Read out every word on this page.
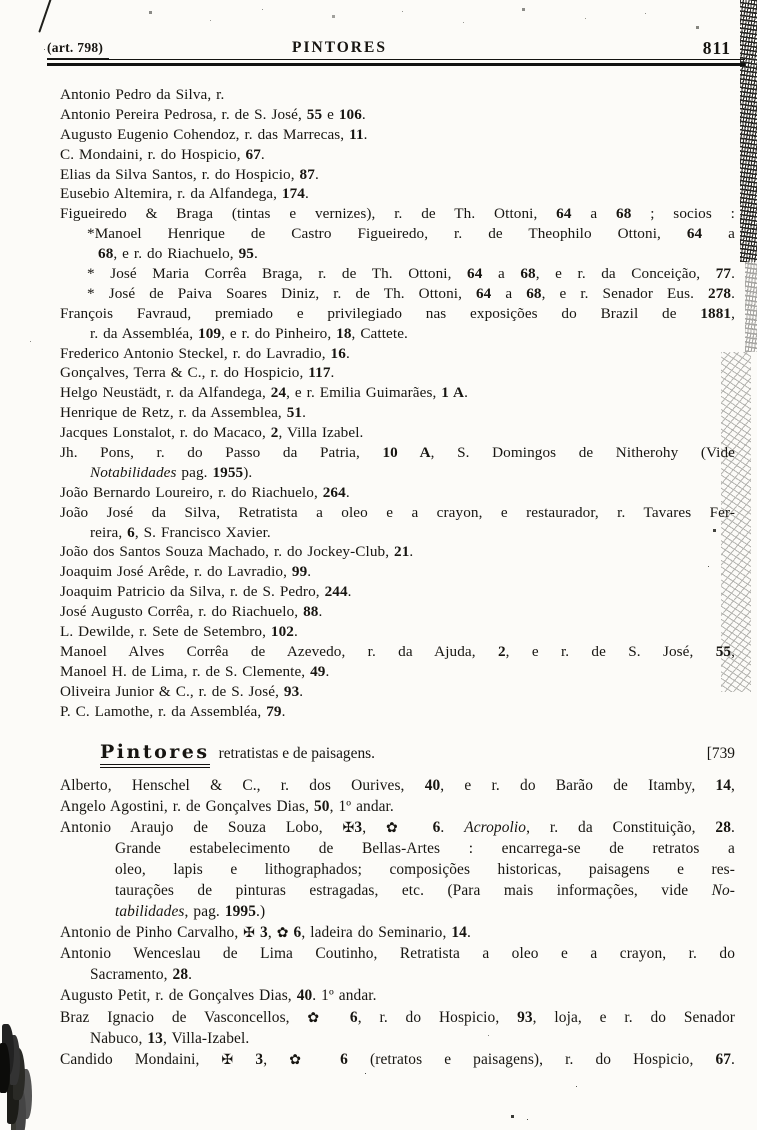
(art. 798)	PINTORES	811
Antonio Pedro da Silva, r.
Antonio Pereira Pedrosa, r. de S. José, 55 e 106.
Augusto Eugenio Cohendoz, r. das Marrecas, 11.
C. Mondaini, r. do Hospicio, 67.
Elias da Silva Santos, r. do Hospicio, 87.
Eusebio Altemira, r. da Alfandega, 174.
Figueiredo & Braga (tintas e vernizes), r. de Th. Ottoni, 64 a 68 ; socios :
*Manoel Henrique de Castro Figueiredo, r. de Theophilo Ottoni, 64 a
68, e r. do Riachuelo, 95.
* José Maria Corrêa Braga, r. de Th. Ottoni, 64 a 68, e r. da Conceição, 77.
* José de Paiva Soares Diniz, r. de Th. Ottoni, 64 a 68, e r. Senador Eus. 278.
François Favraud, premiado e privilegiado nas exposições do Brazil de 1881,
r. da Assembléa, 109, e r. do Pinheiro, 18, Cattete.
Frederico Antonio Steckel, r. do Lavradio, 16.
Gonçalves, Terra & C., r. do Hospicio, 117.
Helgo Neustädt, r. da Alfandega, 24, e r. Emilia Guimarães, 1 A.
Henrique de Retz, r. da Assemblea, 51.
Jacques Lonstalot, r. do Macaco, 2, Villa Izabel.
Jh. Pons, r. do Passo da Patria, 10 A, S. Domingos de Nitherohy (Vide
Notabilidades pag. 1955).
João Bernardo Loureiro, r. do Riachuelo, 264.
João José da Silva, Retratista a oleo e a crayon, e restaurador, r. Tavares Fer-
reira, 6, S. Francisco Xavier.
João dos Santos Souza Machado, r. do Jockey-Club, 21.
Joaquim José Arêde, r. do Lavradio, 99.
Joaquim Patricio da Silva, r. de S. Pedro, 244.
José Augusto Corrêa, r. do Riachuelo, 88.
L. Dewilde, r. Sete de Setembro, 102.
Manoel Alves Corrêa de Azevedo, r. da Ajuda, 2, e r. de S. José, 55,
Manoel H. de Lima, r. de S. Clemente, 49.
Oliveira Junior & C., r. de S. José, 93.
P. C. Lamothe, r. da Assembléa, 79.
Pintores retratistas e de paisagens.	[739
Alberto, Henschel & C., r. dos Ourives, 40, e r. do Barão de Itamby, 14,
Angelo Agostini, r. de Gonçalves Dias, 50, 1º andar.
Antonio Araujo de Souza Lobo, ✠3, ✿ 6. Acropolio, r. da Constituição, 28.
Grande estabelecimento de Bellas-Artes : encarrega-se de retratos a
oleo, lapis e lithographados; composições historicas, paisagens e res-
taurações de pinturas estragadas, etc. (Para mais informações, vide No-
tabilidades, pag. 1995.)
Antonio de Pinho Carvalho, ✠ 3, ✿ 6, ladeira do Seminario, 14.
Antonio Wenceslau de Lima Coutinho, Retratista a oleo e a crayon, r. do
Sacramento, 28.
Augusto Petit, r. de Gonçalves Dias, 40. 1º andar.
Braz Ignacio de Vasconcellos, ✿ 6, r. do Hospicio, 93, loja, e r. do Senador
Nabuco, 13, Villa-Izabel.
Candido Mondaini, ✠ 3, ✿ 6 (retratos e paisagens), r. do Hospicio, 67.
